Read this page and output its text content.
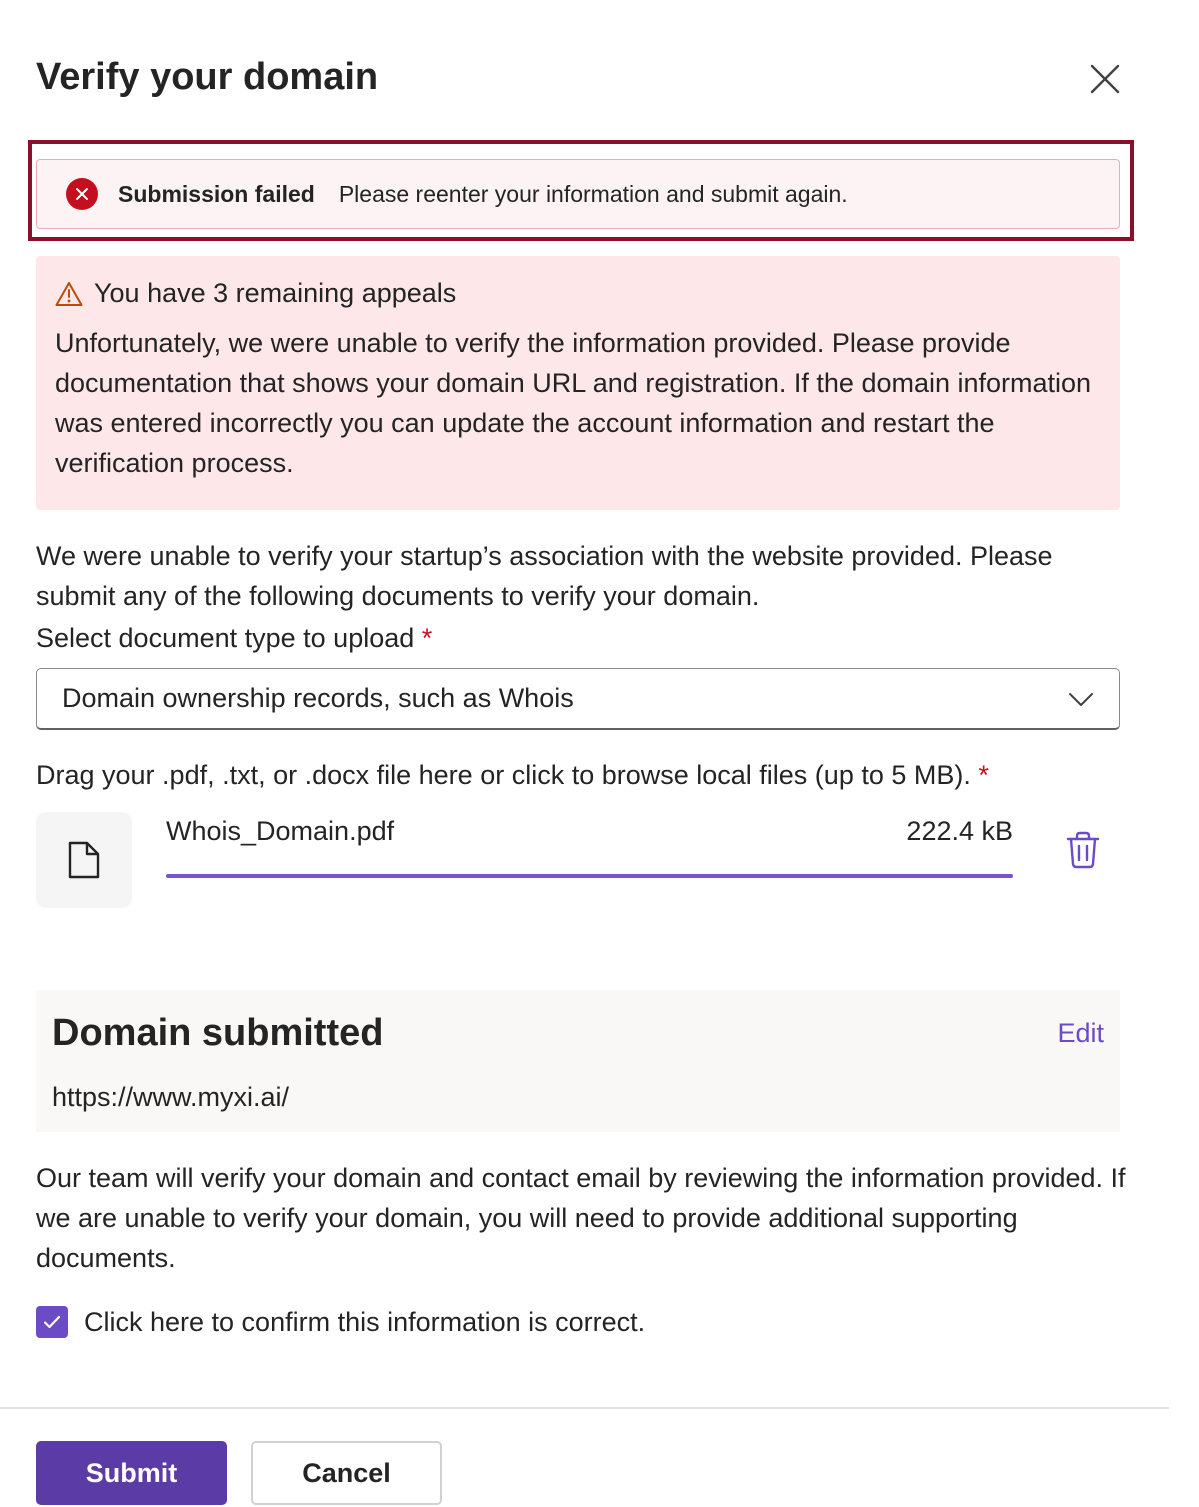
Verify your domain
Submission failed Please reenter your information and submit again.
You have 3 remaining appeals
Unfortunately, we were unable to verify the information provided. Please provide documentation that shows your domain URL and registration. If the domain information was entered incorrectly you can update the account information and restart the verification process.
We were unable to verify your startup’s association with the website provided. Please submit any of the following documents to verify your domain.
Select document type to upload *
Domain ownership records, such as Whois
Drag your .pdf, .txt, or .docx file here or click to browse local files (up to 5 MB). *
Whois_Domain.pdf	222.4 kB
Domain submitted	Edit
https://www.myxi.ai/
Our team will verify your domain and contact email by reviewing the information provided. If we are unable to verify your domain, you will need to provide additional supporting documents.
Click here to confirm this information is correct.
Submit	Cancel
